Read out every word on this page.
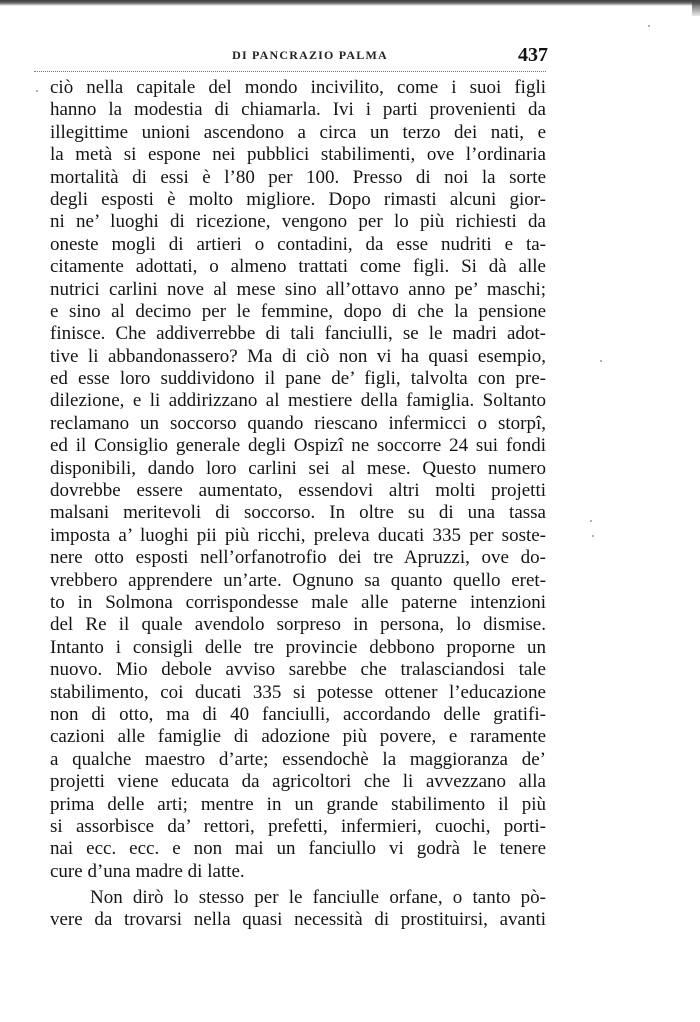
DI PANCRAZIO PALMA	437
ciò nella capitale del mondo incivilito, come i suoi figli
hanno la modestia di chiamarla. Ivi i parti provenienti da
illegittime unioni ascendono a circa un terzo dei nati, e
la metà si espone nei pubblici stabilimenti, ove l’ordinaria
mortalità di essi è l’80 per 100. Presso di noi la sorte
degli esposti è molto migliore. Dopo rimasti alcuni gior-
ni ne’ luoghi di ricezione, vengono per lo più richiesti da
oneste mogli di artieri o contadini, da esse nudriti e ta-
citamente adottati, o almeno trattati come figli. Si dà alle
nutrici carlini nove al mese sino all’ottavo anno pe’ maschi;
e sino al decimo per le femmine, dopo di che la pensione
finisce. Che addiverrebbe di tali fanciulli, se le madri adot-
tive li abbandonassero? Ma di ciò non vi ha quasi esempio,
ed esse loro suddividono il pane de’ figli, talvolta con pre-
dilezione, e li addirizzano al mestiere della famiglia. Soltanto
reclamano un soccorso quando riescano infermicci o storpî,
ed il Consiglio generale degli Ospizî ne soccorre 24 sui fondi
disponibili, dando loro carlini sei al mese. Questo numero
dovrebbe essere aumentato, essendovi altri molti projetti
malsani meritevoli di soccorso. In oltre su di una tassa
imposta a’ luoghi pii più ricchi, preleva ducati 335 per soste-
nere otto esposti nell’orfanotrofio dei tre Apruzzi, ove do-
vrebbero apprendere un’arte. Ognuno sa quanto quello eret-
to in Solmona corrispondesse male alle paterne intenzioni
del Re il quale avendolo sorpreso in persona, lo dismise.
Intanto i consigli delle tre provincie debbono proporne un
nuovo. Mio debole avviso sarebbe che tralasciandosi tale
stabilimento, coi ducati 335 si potesse ottener l’educazione
non di otto, ma di 40 fanciulli, accordando delle gratifi-
cazioni alle famiglie di adozione più povere, e raramente
a qualche maestro d’arte; essendochè la maggioranza de’
projetti viene educata da agricoltori che li avvezzano alla
prima delle arti; mentre in un grande stabilimento il più
si assorbisce da’ rettori, prefetti, infermieri, cuochi, porti-
nai ecc. ecc. e non mai un fanciullo vi godrà le tenere
cure d’una madre di latte.
Non dirò lo stesso per le fanciulle orfane, o tanto pò-
vere da trovarsi nella quasi necessità di prostituirsi, avanti
